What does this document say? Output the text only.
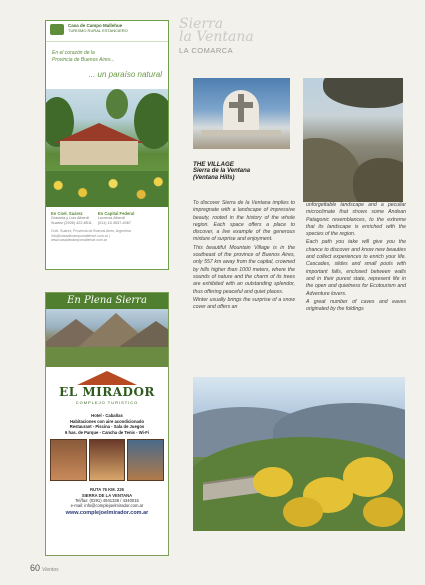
Casa de Campo Mallehue
TURISMO RURAL ESTANCIERO
En el corazón de la
Provincia de Buenos Aires...
... un paraíso natural
En Cnel. Suárez
Graciela y Luis Alberdi
Suarez (2926) 422-8511
En Capital Federal
Lucrecia Alberdi
(011) 15 4537-4067
Cnel. Suárez, Provincia de Buenos Aires, Argentina
info@casadecampomallehue.com.ar | www.casadecampomallehue.com.ar
En Plena Sierra
EL MIRADOR
COMPLEJO TURISTICO
Hotel - Cabañas
Habitaciones con aire acondicionado
Restaurant - Piscina - Sala de Juegos
6 has. de Parque - Cancha de Tenis - Wi-Fi
RUTA 76 KM. 226
SIERRA DE LA VENTANA
Tel/fax: (0291) 4941338 / 4340015
e-mail: info@complejoelmirador.com.ar
www.complejoelmirador.com.ar
Sierra
la Ventana
LA COMARCA
THE VILLAGE
Sierra de la Ventana
(Ventana Hills)

To discover Sierra de la Ventana implies to impregnate with a landscape of impressive beauty, rooted in the history of the whole region. Each space offers a place to discover, a live example of the generous mixture of surprise and enjoyment.

This beautiful Mountain Village is in the southeast of the province of Buenos Aires, only 557 km away from the capital, crowned by hills higher than 1000 meters, where the sounds of nature and the charm of its trees are exhibited with an outstanding splendor, thus offering peaceful and quiet places.

Winter usually brings the surprise of a snow cover and offers an

unforgettable landscape and a peculiar microclimate that shows some Andean Patagonic resemblances, to the extreme that its landscape is enriched with the species of the region.

Each path you take will give you the chance to discover and know new beauties and collect experiences to enrich your life. Cascades, slides and small pools with important falls, enclosed between walls and in their purest state, represent life in the open and quietness for Ecotourism and Adventure lovers.

A great number of caves and eaves originated by the foldings

60 Vientos
